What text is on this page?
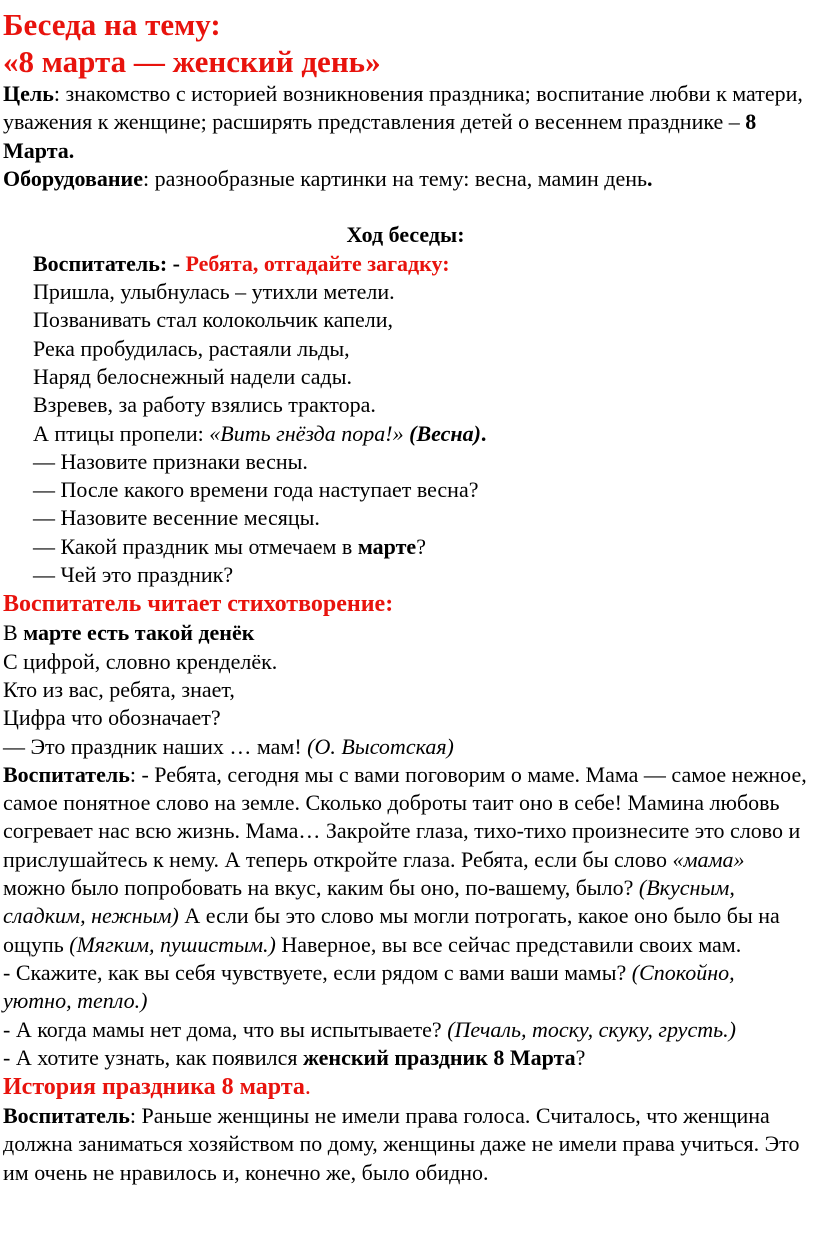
Беседа на тему:
«8 марта — женский день»

Цель: знакомство с историей возникновения праздника; воспитание любви к матери, уважения к женщине; расширять представления детей о весеннем празднике – 8 Марта.

Оборудование: разнообразные картинки на тему: весна, мамин день.

Ход беседы:

Воспитатель: - Ребята, отгадайте загадку:

Пришла, улыбнулась – утихли метели.

Позванивать стал колокольчик капели,

Река пробудилась, растаяли льды,

Наряд белоснежный надели сады.

Взревев, за работу взялись трактора.

А птицы пропели: «Вить гнёзда пора!» (Весна).

— Назовите признаки весны.

— После какого времени года наступает весна?

— Назовите весенние месяцы.

— Какой праздник мы отмечаем в марте?

— Чей это праздник?

Воспитатель читает стихотворение:

В марте есть такой денёк

С цифрой, словно кренделёк.

Кто из вас, ребята, знает,

Цифра что обозначает?

— Это праздник наших … мам! (О. Высотская)

Воспитатель: - Ребята, сегодня мы с вами поговорим о маме. Мама — самое нежное, самое понятное слово на земле. Сколько доброты таит оно в себе! Мамина любовь согревает нас всю жизнь. Мама… Закройте глаза, тихо-тихо произнесите это слово и прислушайтесь к нему. А теперь откройте глаза. Ребята, если бы слово «мама» можно было попробовать на вкус, каким бы оно, по-вашему, было? (Вкусным, сладким, нежным) А если бы это слово мы могли потрогать, какое оно было бы на ощупь (Мягким, пушистым.) Наверное, вы все сейчас представили своих мам.

- Скажите, как вы себя чувствуете, если рядом с вами ваши мамы? (Спокойно, уютно, тепло.)

- А когда мамы нет дома, что вы испытываете? (Печаль, тоску, скуку, грусть.)

- А хотите узнать, как появился женский праздник 8 Марта?

История праздника 8 марта.

Воспитатель: Раньше женщины не имели права голоса. Считалось, что женщина должна заниматься хозяйством по дому, женщины даже не имели права учиться. Это им очень не нравилось и, конечно же, было обидно.
